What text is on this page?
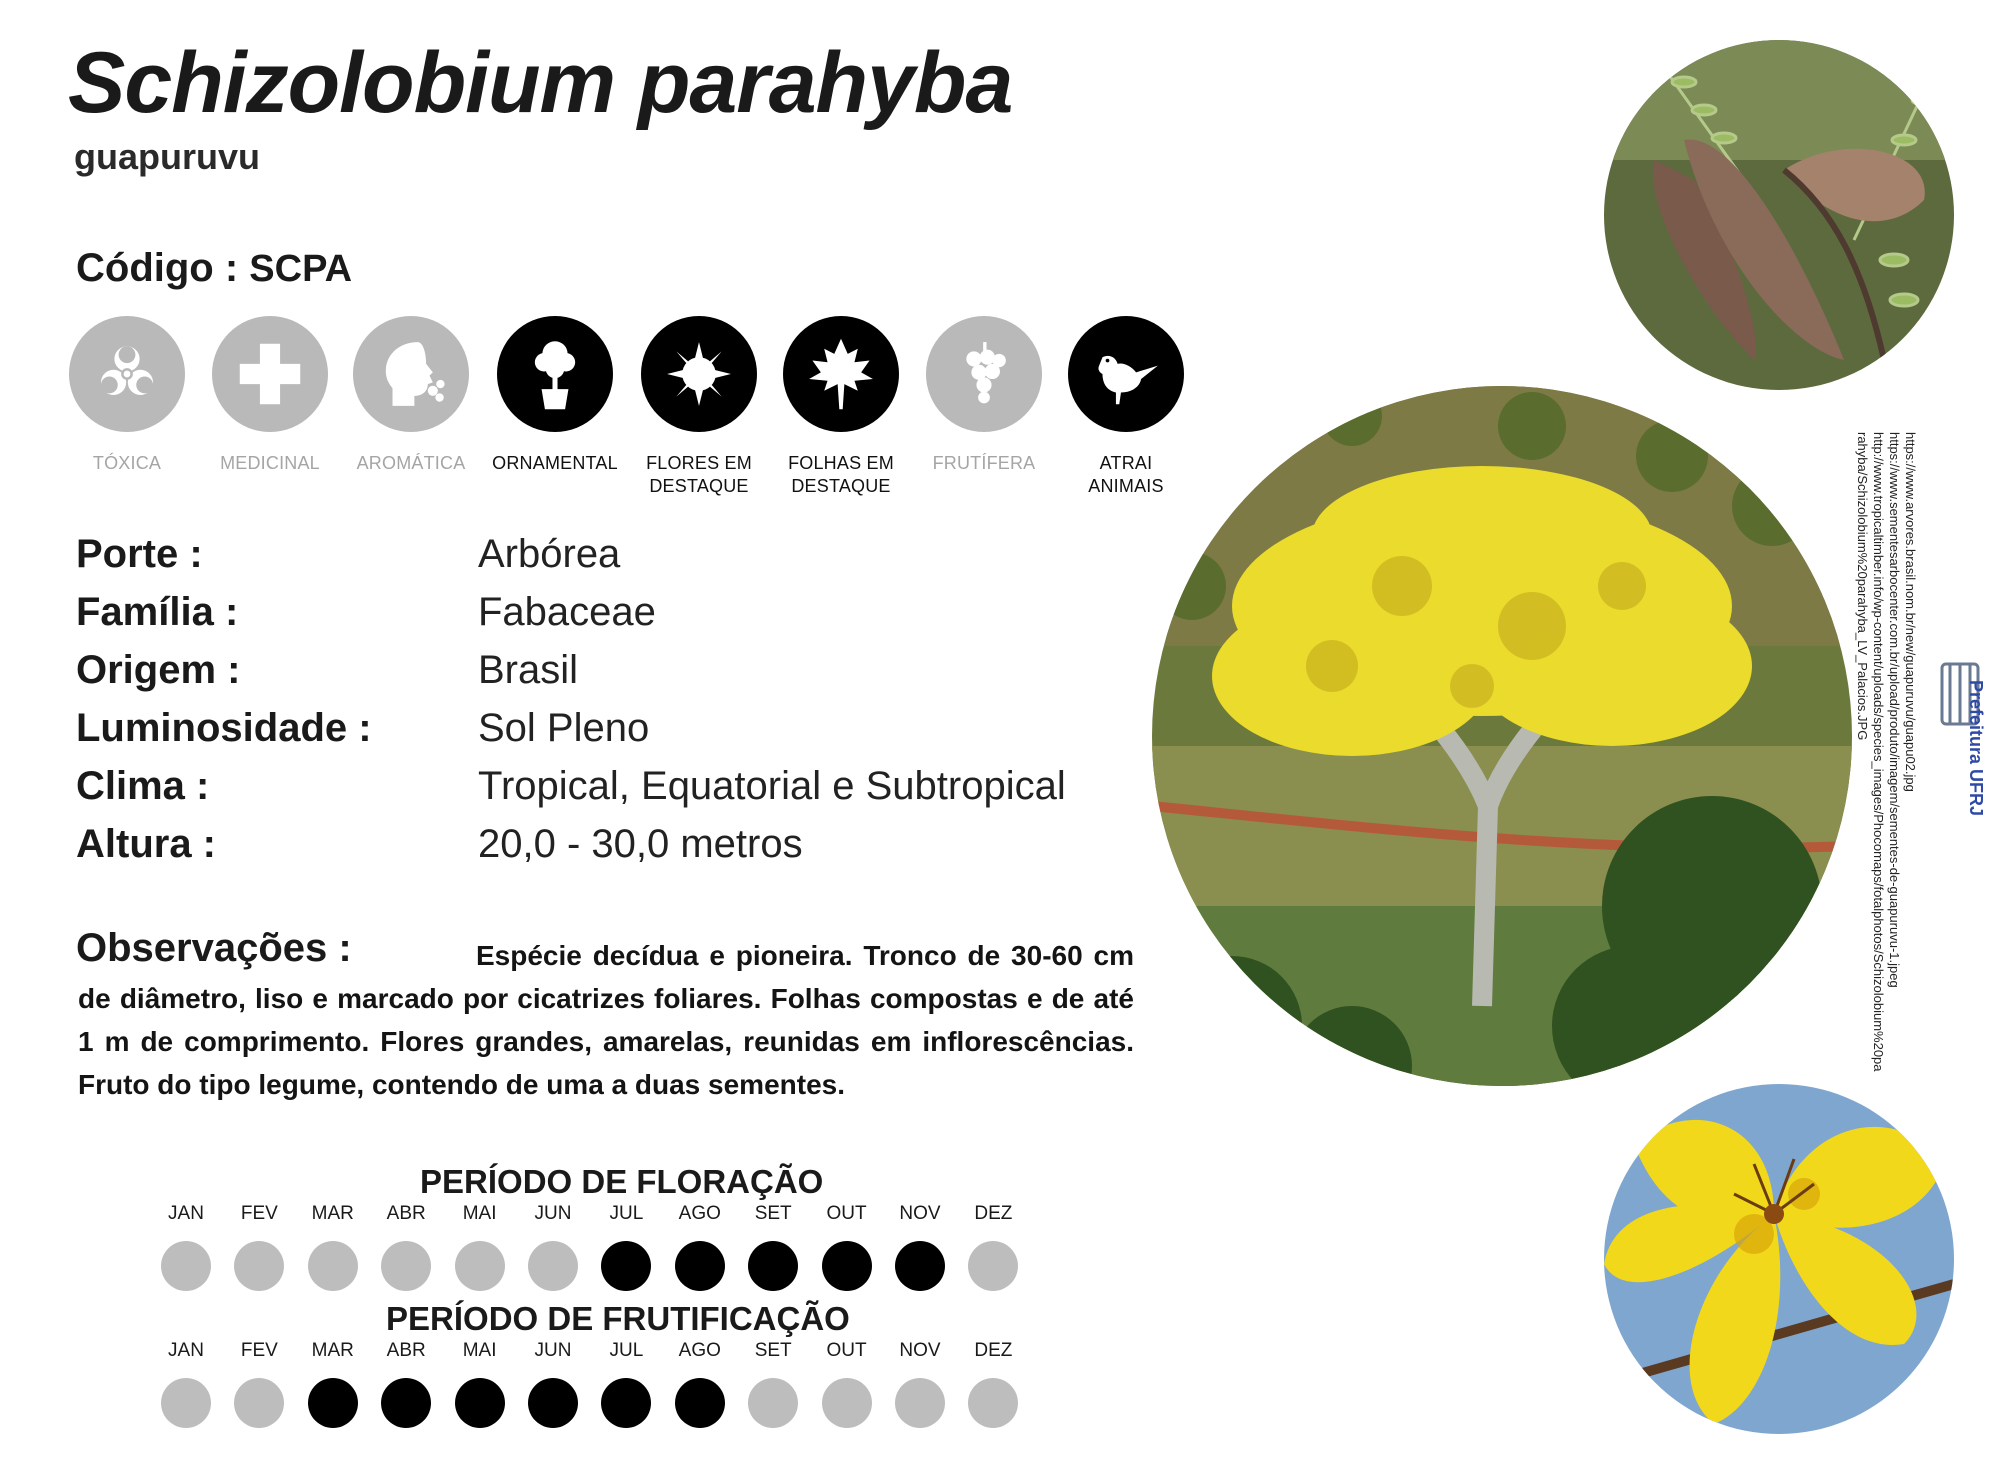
Schizolobium parahyba
guapuruvu
Código : SCPA
TÓXICA	MEDICINAL	AROMÁTICA	ORNAMENTAL	FLORES EM
DESTAQUE
FOLHAS EM
DESTAQUE
FRUTÍFERA	ATRAI
ANIMAIS
Porte :	Arbórea
Família :	Fabaceae
Origem :	Brasil
Luminosidade :	Sol Pleno
Clima :	Tropical, Equatorial e Subtropical
Altura :	20,0 - 30,0 metros
Observações :	Espécie decídua e pioneira. Tronco de 30-60 cm de diâmetro, liso e marcado por cicatrizes foliares. Folhas compostas e de até 1 m de comprimento. Flores grandes, amarelas, reunidas em inflorescências. Fruto do tipo legume, contendo de uma a duas sementes.
PERÍODO DE FLORAÇÃO
JAN	FEV	MAR	ABR	MAI	JUN	JUL	AGO	SET	OUT	NOV	DEZ
PERÍODO DE FRUTIFICAÇÃO
JAN	FEV	MAR	ABR	MAI	JUN	JUL	AGO	SET	OUT	NOV	DEZ
https://www.arvores.brasil.nom.br/new/guapuruvu/guapu02.jpg
https://www.sementesarbocenter.com.br/upload/produto/imagem/sementes-de-guapuruvu-1.jpeg
http://www.tropicaltimber.info/wp-content/uploads/species_images/Phocomaps/fotalphotos/Schizolobium%20parahyba/Schizolobium%20parahyba_LV_Palacios.JPG
Prefeitura UFRJ
